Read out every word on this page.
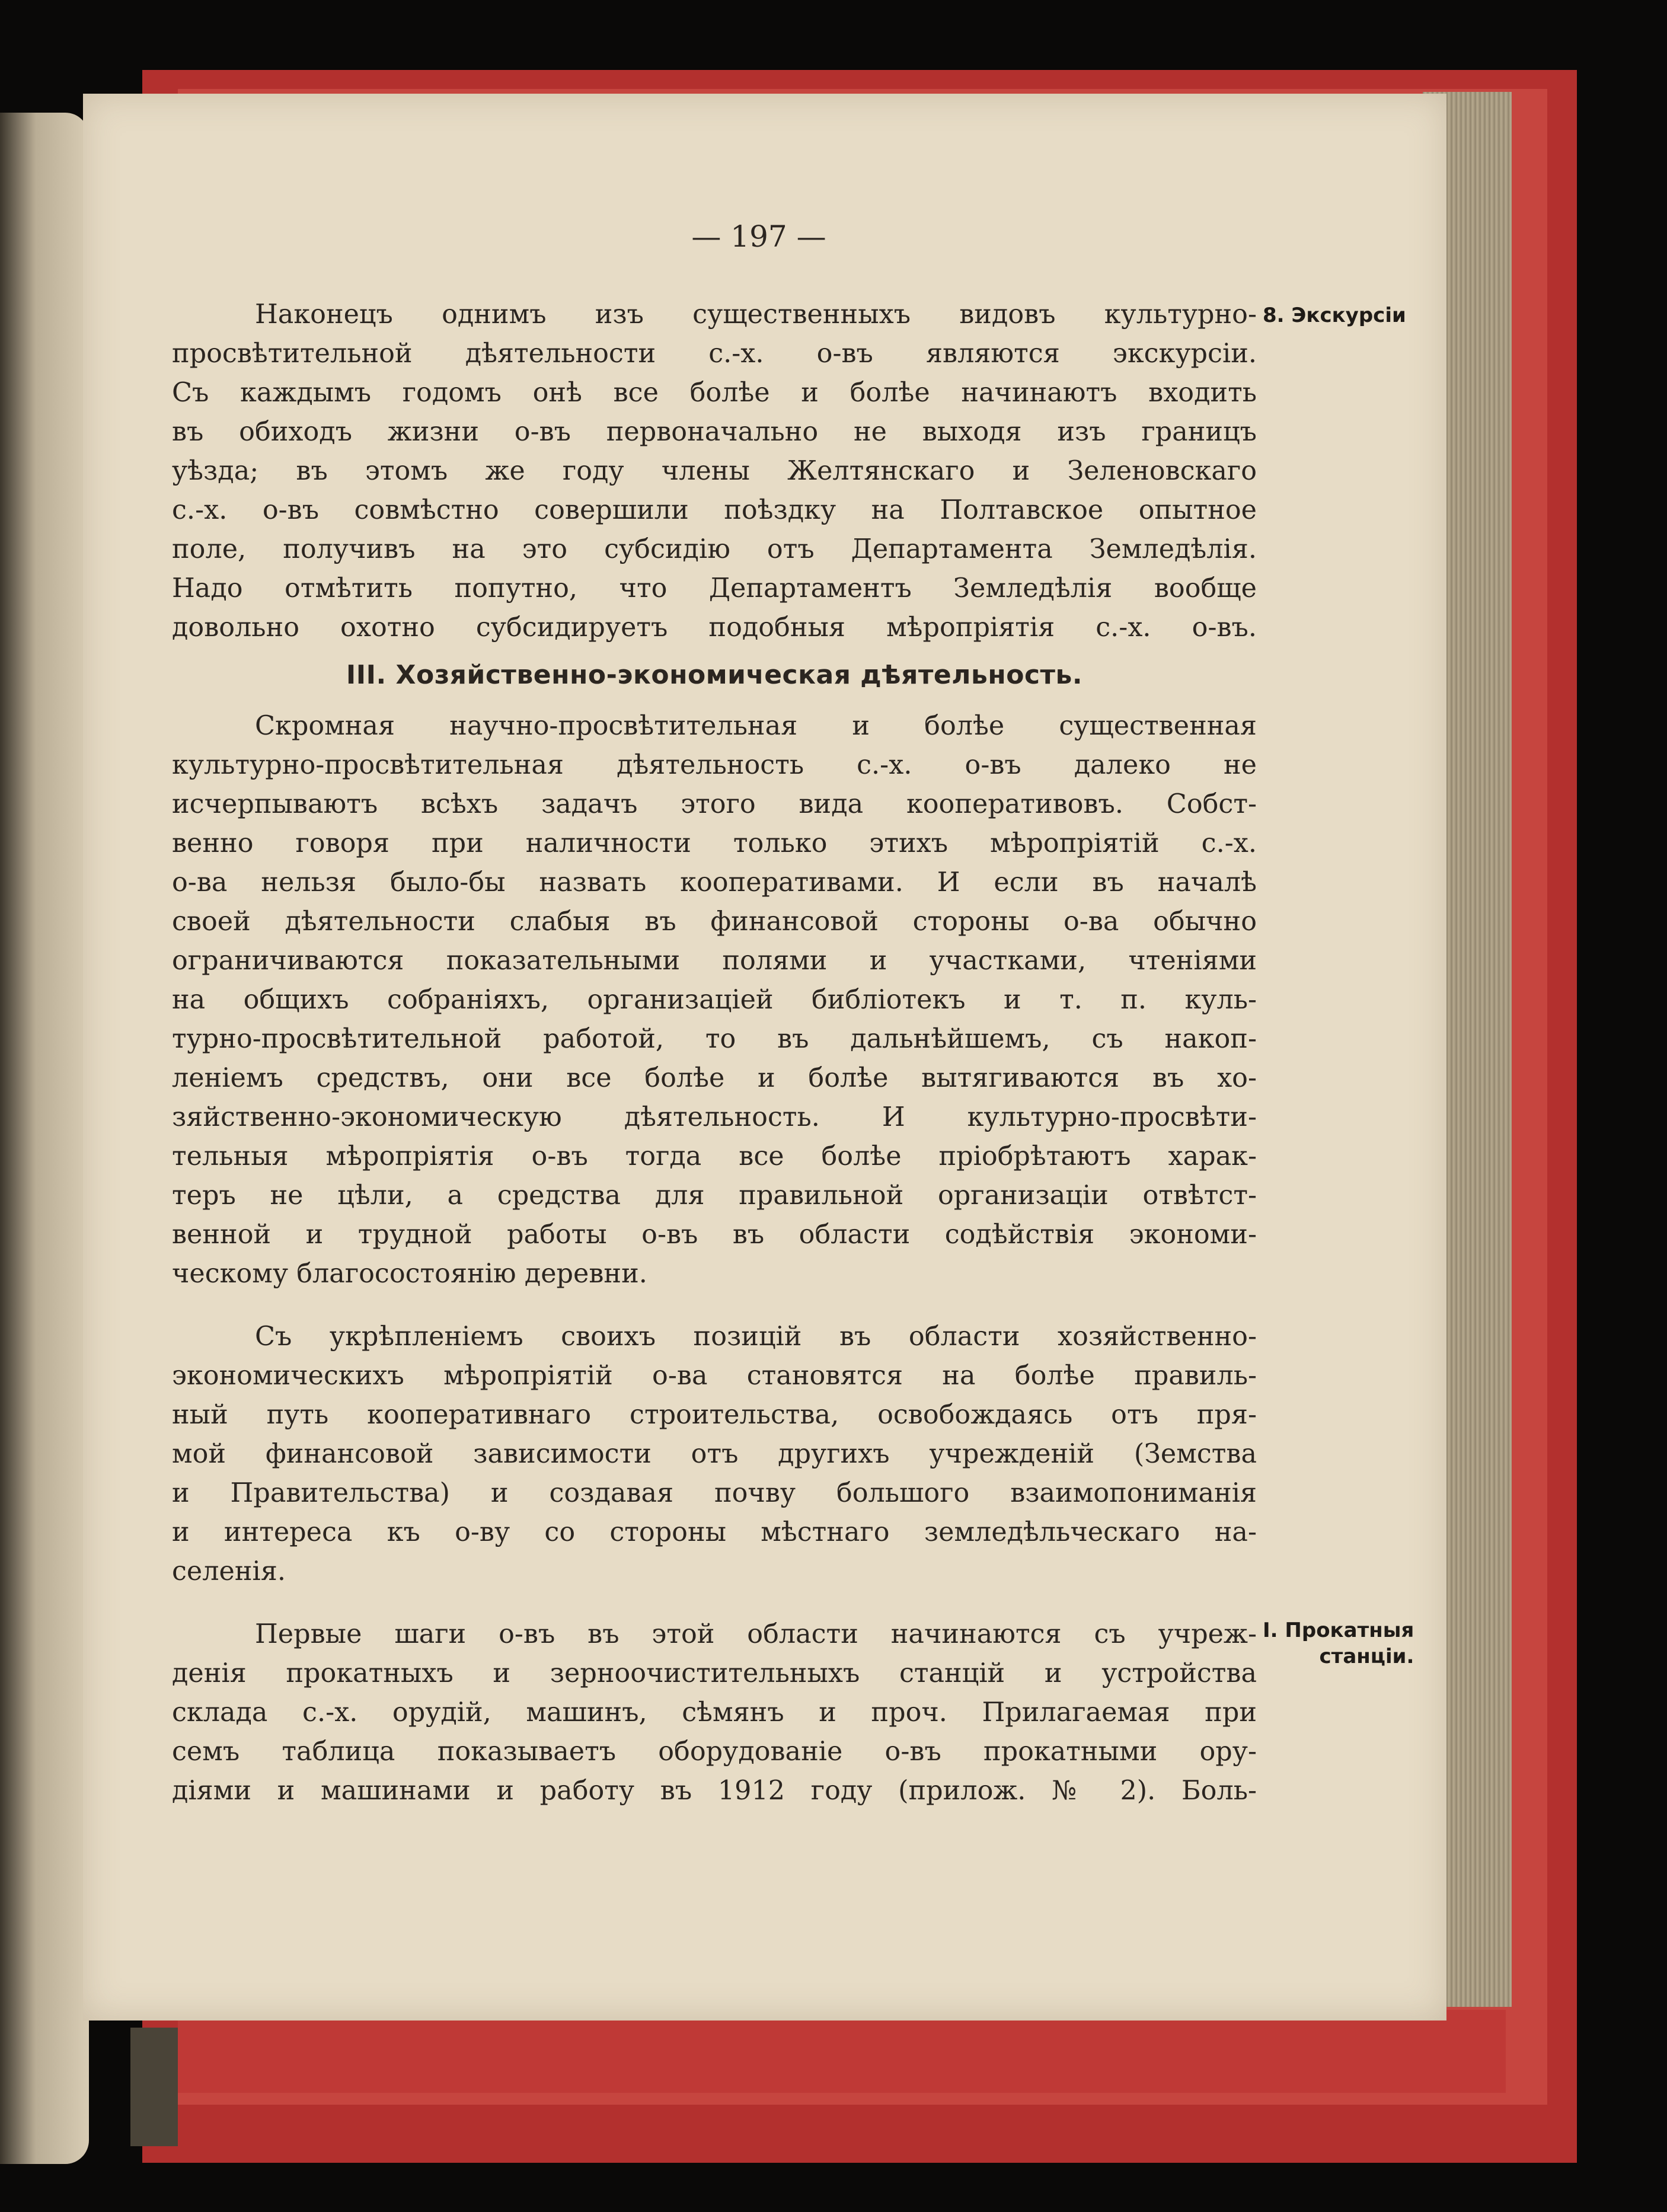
— 197 —
Наконецъ однимъ изъ существенныхъ видовъ культурно-
просвѣтительной дѣятельности с.-х. о-въ являются экскурсіи.
Съ каждымъ годомъ онѣ все болѣе и болѣе начинаютъ входить
въ обиходъ жизни о-въ первоначально не выходя изъ границъ
уѣзда; въ этомъ же году члены Желтянскаго и Зеленовскаго
с.-х. о-въ совмѣстно совершили поѣздку на Полтавское опытное
поле, получивъ на это субсидію отъ Департамента Земледѣлія.
Надо отмѣтить попутно, что Департаментъ Земледѣлія вообще
довольно охотно субсидируетъ подобныя мѣропріятія с.-х. о-въ.
III. Хозяйственно-экономическая дѣятельность.
Скромная научно-просвѣтительная и болѣе существенная
культурно-просвѣтительная дѣятельность с.-х. о-въ далеко не
исчерпываютъ всѣхъ задачъ этого вида кооперативовъ. Собст-
венно говоря при наличности только этихъ мѣропріятій с.-х.
о-ва нельзя было-бы назвать кооперативами. И если въ началѣ
своей дѣятельности слабыя въ финансовой стороны о-ва обычно
ограничиваются показательными полями и участками, чтеніями
на общихъ собраніяхъ, организаціей библіотекъ и т. п. куль-
турно-просвѣтительной работой, то въ дальнѣйшемъ, съ накоп-
леніемъ средствъ, они все болѣе и болѣе вытягиваются въ хо-
зяйственно-экономическую дѣятельность. И культурно-просвѣти-
тельныя мѣропріятія о-въ тогда все болѣе пріобрѣтаютъ харак-
теръ не цѣли, а средства для правильной организаціи отвѣтст-
венной и трудной работы о-въ въ области содѣйствія экономи-
ческому благосостоянію деревни.
Съ укрѣпленіемъ своихъ позицій въ области хозяйственно-
экономическихъ мѣропріятій о-ва становятся на болѣе правиль-
ный путь кооперативнаго строительства, освобождаясь отъ пря-
мой финансовой зависимости отъ другихъ учрежденій (Земства
и Правительства) и создавая почву большого взаимопониманія
и интереса къ о-ву со стороны мѣстнаго земледѣльческаго на-
селенія.
Первые шаги о-въ въ этой области начинаются съ учреж-
денія прокатныхъ и зерноочистительныхъ станцій и устройства
склада с.-х. орудій, машинъ, сѣмянъ и проч. Прилагаемая при
семъ таблица показываетъ оборудованіе о-въ прокатными ору-
діями и машинами и работу въ 1912 году (прилож. № 2). Боль-
8. Экскурсіи
I. Прокатныя
станціи.
